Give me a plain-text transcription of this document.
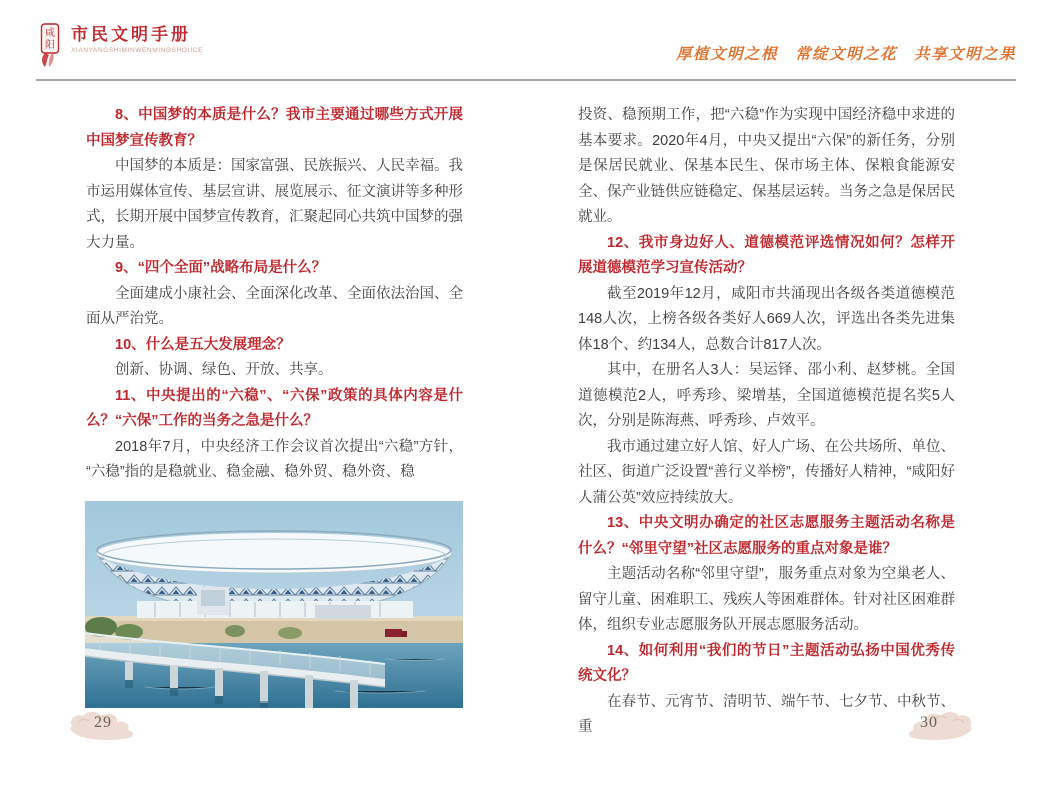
咸
阳
市民文明手册
XIANYANGSHIMINWENMINGSHOUCE	厚植文明之根　常绽文明之花　共享文明之果

8、中国梦的本质是什么？我市主要通过哪些方式开展中国梦宣传教育？

中国梦的本质是：国家富强、民族振兴、人民幸福。我市运用媒体宣传、基层宣讲、展览展示、征文演讲等多种形式，长期开展中国梦宣传教育，汇聚起同心共筑中国梦的强大力量。

9、“四个全面”战略布局是什么？

全面建成小康社会、全面深化改革、全面依法治国、全面从严治党。

10、什么是五大发展理念？

创新、协调、绿色、开放、共享。

11、中央提出的“六稳”、“六保”政策的具体内容是什么？“六保”工作的当务之急是什么？

2018年7月，中央经济工作会议首次提出“六稳”方针，“六稳”指的是稳就业、稳金融、稳外贸、稳外资、稳

投资、稳预期工作，把“六稳”作为实现中国经济稳中求进的基本要求。2020年4月，中央又提出“六保”的新任务，分别是保居民就业、保基本民生、保市场主体、保粮食能源安全、保产业链供应链稳定、保基层运转。当务之急是保居民就业。

12、我市身边好人、道德模范评选情况如何？怎样开展道德模范学习宣传活动？

截至2019年12月，咸阳市共涌现出各级各类道德模范148人次，上榜各级各类好人669人次，评选出各类先进集体18个、约134人，总数合计817人次。

其中，在册名人3人：吴运铎、邵小利、赵梦桃。全国道德模范2人，呼秀珍、梁增基，全国道德模范提名奖5人次，分别是陈海燕、呼秀珍、卢效平。

我市通过建立好人馆、好人广场、在公共场所、单位、社区、街道广泛设置“善行义举榜”，传播好人精神，“咸阳好人蒲公英”效应持续放大。

13、中央文明办确定的社区志愿服务主题活动名称是什么？“邻里守望”社区志愿服务的重点对象是谁？

主题活动名称“邻里守望”，服务重点对象为空巢老人、留守儿童、困难职工、残疾人等困难群体。针对社区困难群体，组织专业志愿服务队开展志愿服务活动。

14、如何利用“我们的节日”主题活动弘扬中国优秀传统文化？

在春节、元宵节、清明节、端午节、七夕节、中秋节、重

29	30
